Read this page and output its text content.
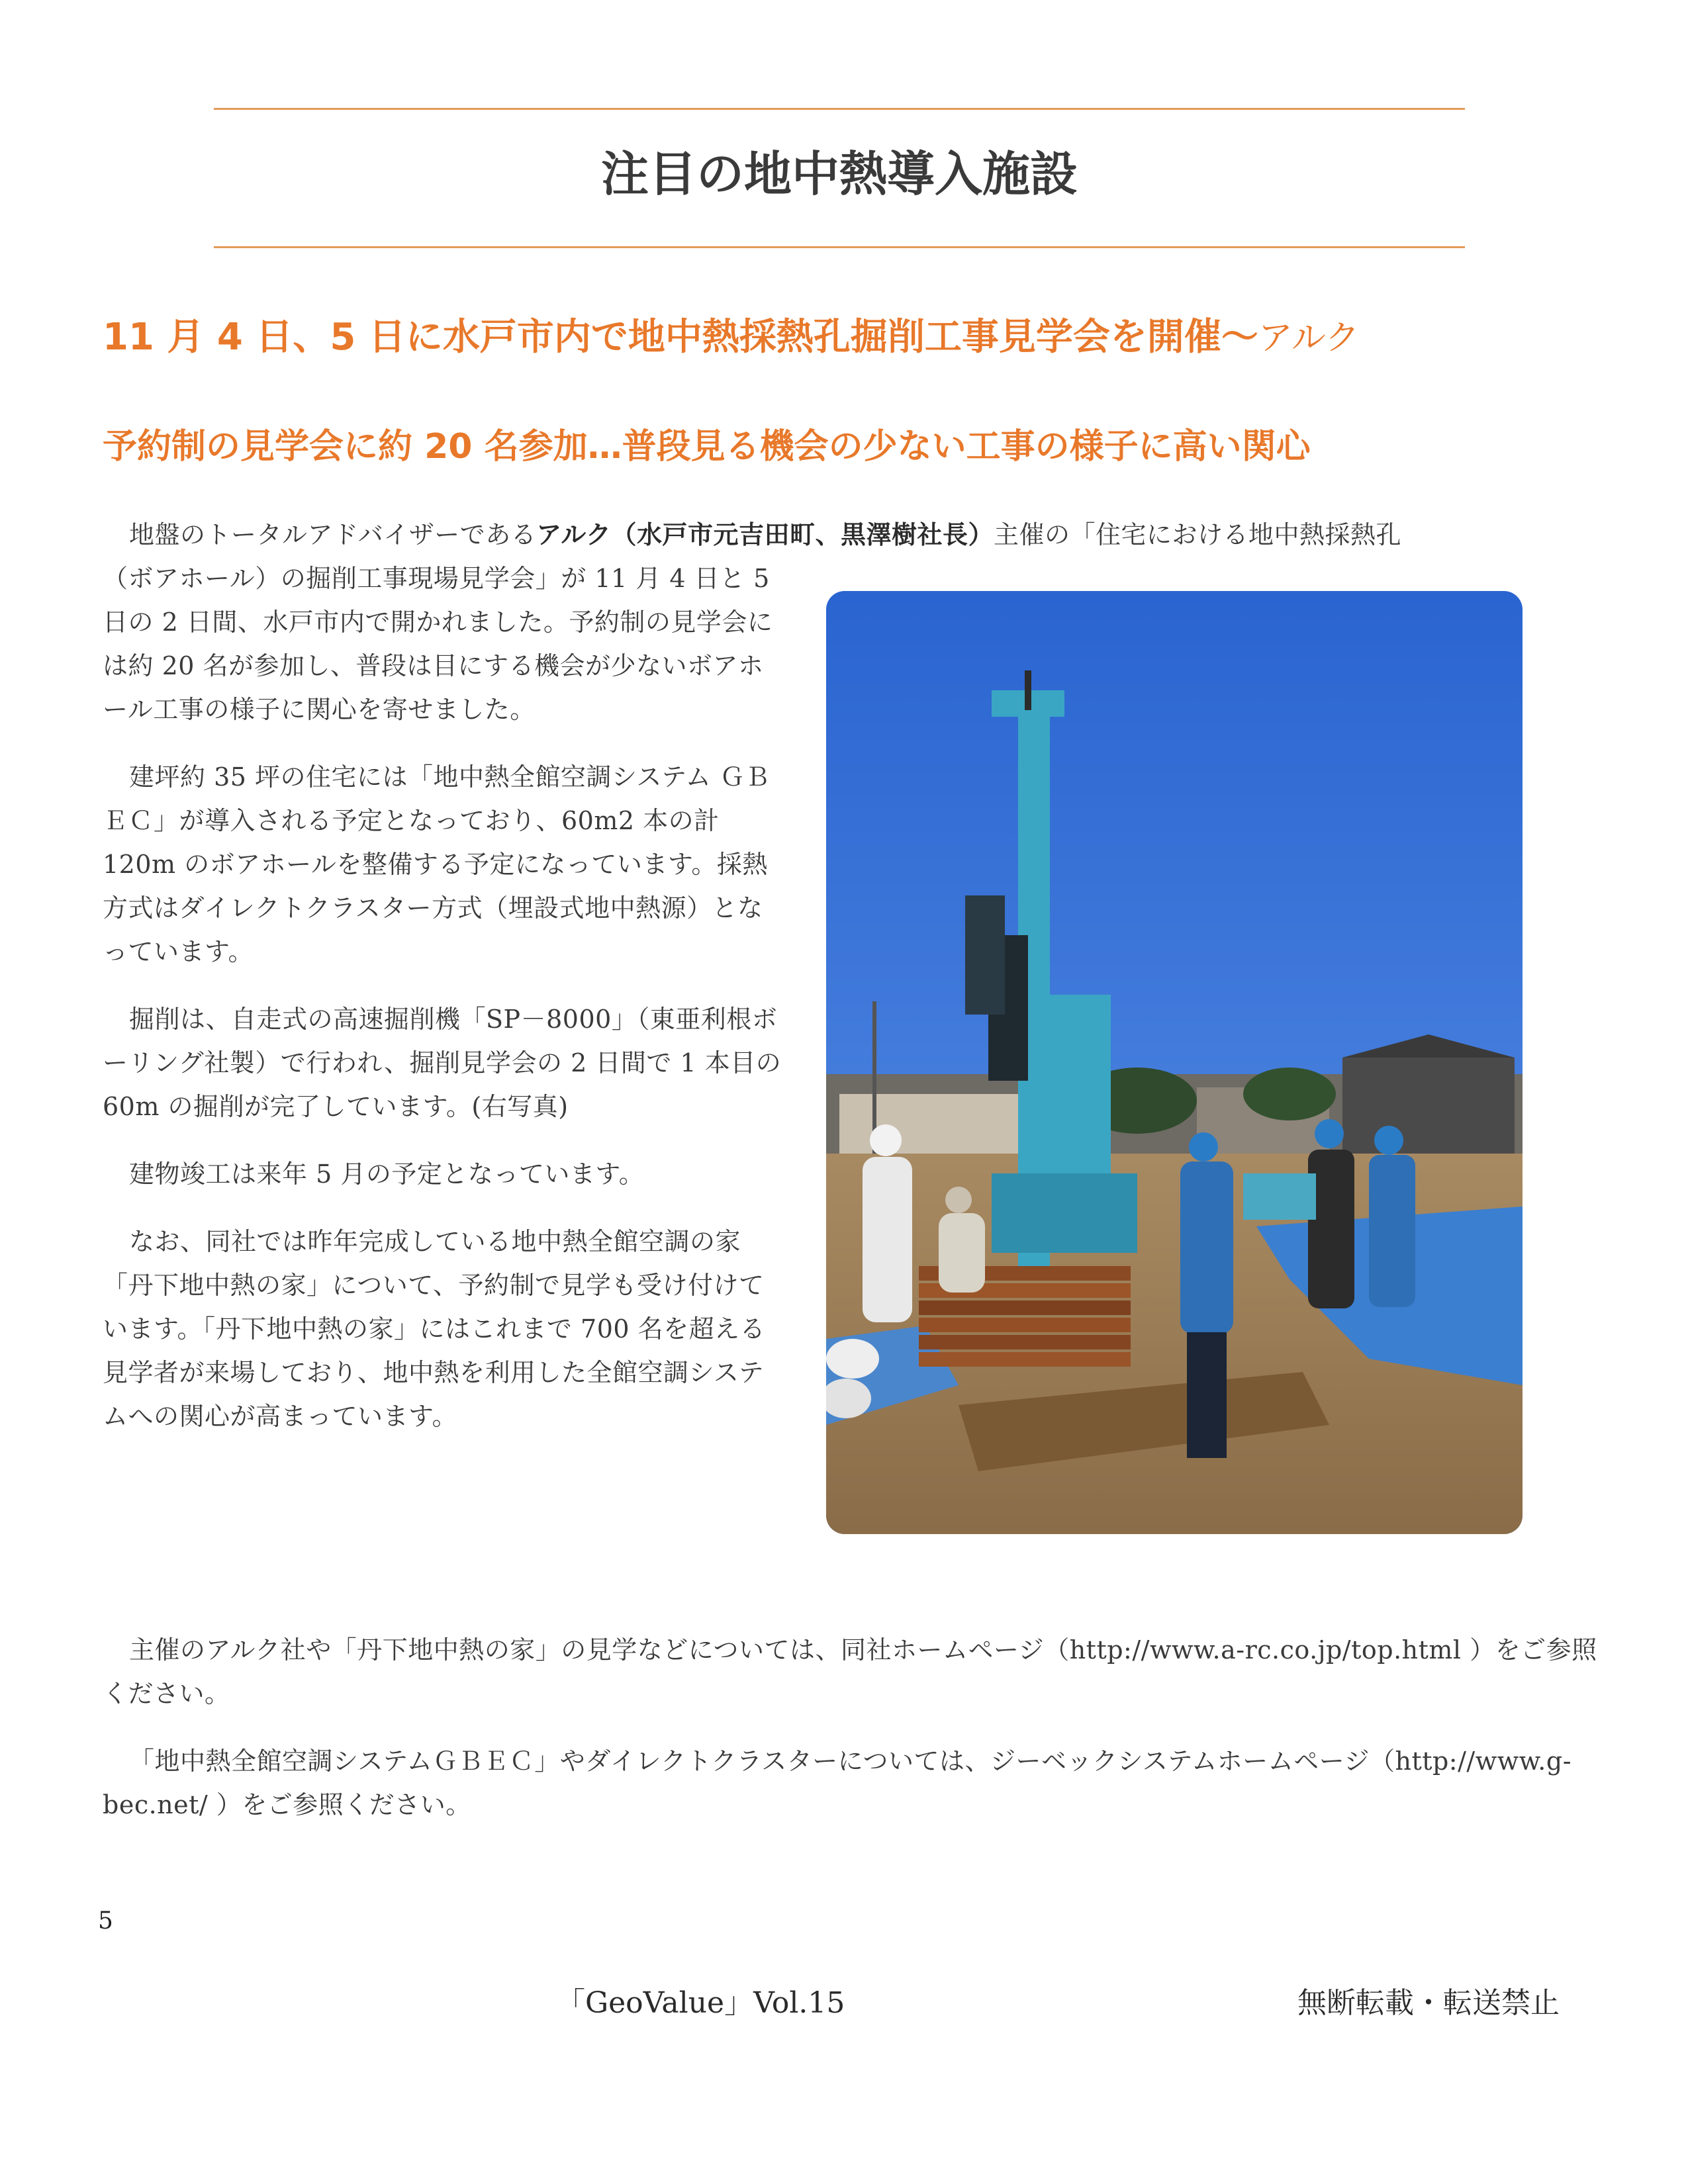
注目の地中熱導入施設
11 月 4 日、5 日に水戸市内で地中熱採熱孔掘削工事見学会を開催～アルク
予約制の見学会に約 20 名参加…普段見る機会の少ない工事の様子に高い関心

地盤のトータルアドバイザーであるアルク（水戸市元吉田町、黒澤樹社長）主催の「住宅における地中熱採熱孔

（ボアホール）の掘削工事現場見学会」が 11 月 4 日と 5 日の 2 日間、水戸市内で開かれました。予約制の見学会には約 20 名が参加し、普段は目にする機会が少ないボアホール工事の様子に関心を寄せました。

建坪約 35 坪の住宅には「地中熱全館空調システム ＧＢＥＣ」が導入される予定となっており、60m2 本の計 120m のボアホールを整備する予定になっています。採熱方式はダイレクトクラスター方式（埋設式地中熱源）となっています。

掘削は、自走式の高速掘削機「SP－8000」（東亜利根ボーリング社製）で行われ、掘削見学会の 2 日間で 1 本目の 60m の掘削が完了しています。(右写真)

建物竣工は来年 5 月の予定となっています。

なお、同社では昨年完成している地中熱全館空調の家「丹下地中熱の家」について、予約制で見学も受け付けています。「丹下地中熱の家」にはこれまで 700 名を超える見学者が来場しており、地中熱を利用した全館空調システムへの関心が高まっています。

主催のアルク社や「丹下地中熱の家」の見学などについては、同社ホームページ（http://www.a-rc.co.jp/top.html ）をご参照ください。

「地中熱全館空調システムＧＢＥＣ」やダイレクトクラスターについては、ジーベックシステムホームページ（http://www.g-bec.net/ ）をご参照ください。

5
「GeoValue」Vol.15	無断転載・転送禁止
